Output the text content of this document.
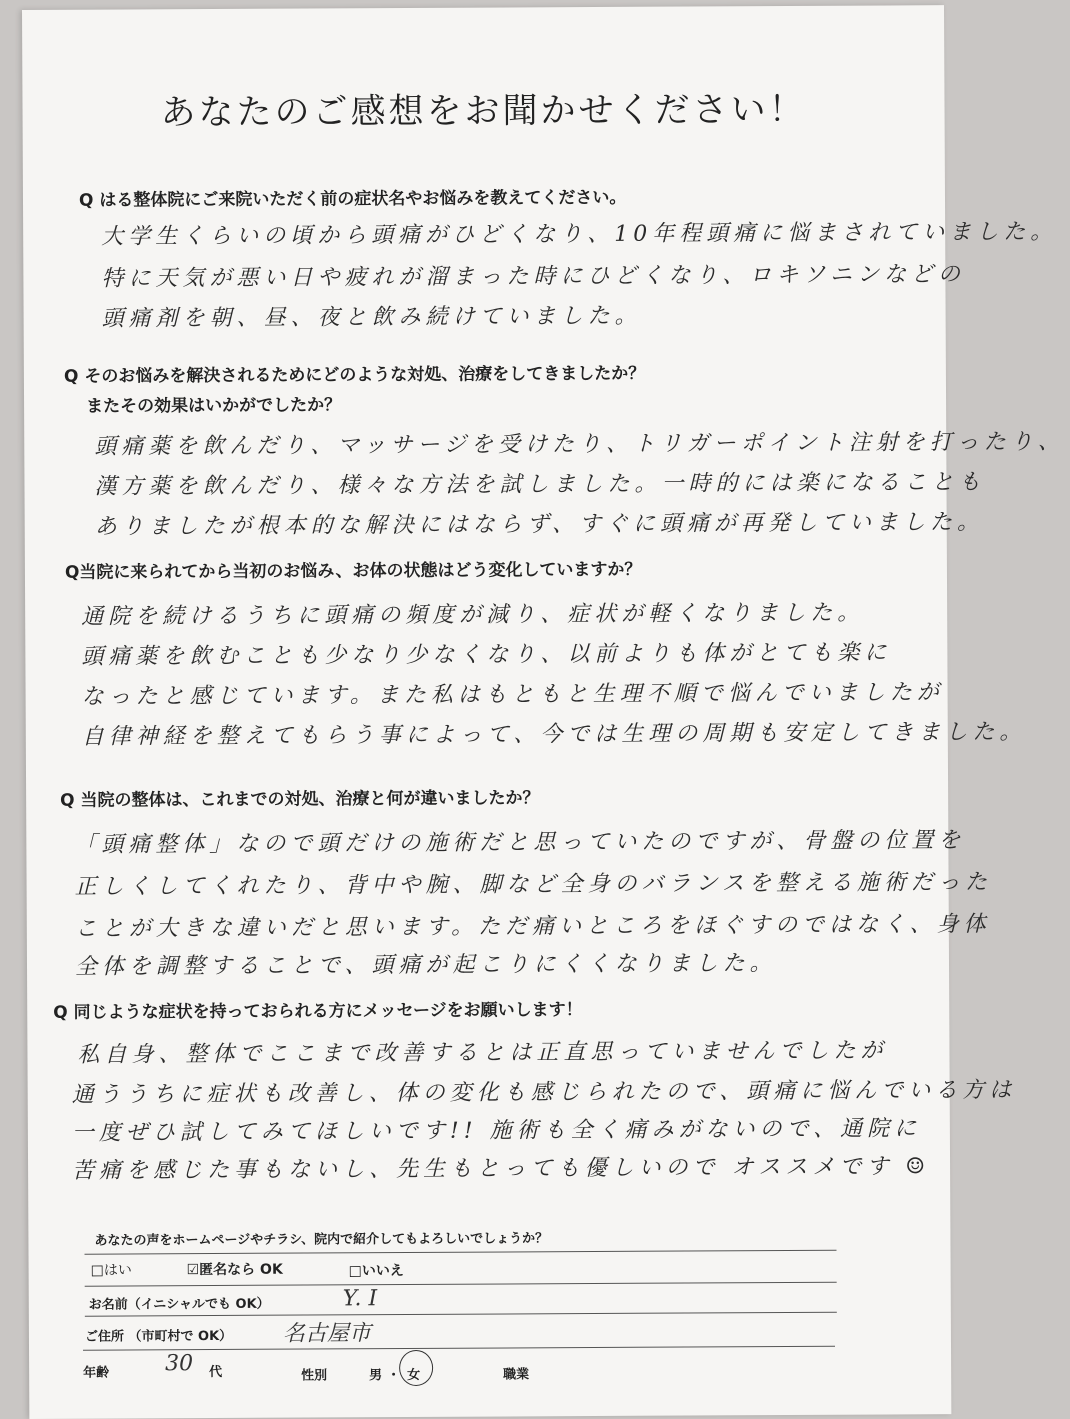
あなたのご感想をお聞かせください！
Q はる整体院にご来院いただく前の症状名やお悩みを教えてください。
大学生くらいの頃から頭痛がひどくなり、10年程頭痛に悩まされていました。
特に天気が悪い日や疲れが溜まった時にひどくなり、ロキソニンなどの
頭痛剤を朝、昼、夜と飲み続けていました。
Q そのお悩みを解決されるためにどのような対処、治療をしてきましたか？
またその効果はいかがでしたか？
頭痛薬を飲んだり、マッサージを受けたり、トリガーポイント注射を打ったり、
漢方薬を飲んだり、様々な方法を試しました。一時的には楽になることも
ありましたが根本的な解決にはならず、すぐに頭痛が再発していました。
Q当院に来られてから当初のお悩み、お体の状態はどう変化していますか？
通院を続けるうちに頭痛の頻度が減り、症状が軽くなりました。
頭痛薬を飲むことも少なり少なくなり、以前よりも体がとても楽に
なったと感じています。また私はもともと生理不順で悩んでいましたが
自律神経を整えてもらう事によって、今では生理の周期も安定してきました。
Q 当院の整体は、これまでの対処、治療と何が違いましたか？
「頭痛整体」なので頭だけの施術だと思っていたのですが、骨盤の位置を
正しくしてくれたり、背中や腕、脚など全身のバランスを整える施術だった
ことが大きな違いだと思います。ただ痛いところをほぐすのではなく、身体
全体を調整することで、頭痛が起こりにくくなりました。
Q 同じような症状を持っておられる方にメッセージをお願いします！
私自身、整体でここまで改善するとは正直思っていませんでしたが
通ううちに症状も改善し、体の変化も感じられたので、頭痛に悩んでいる方は
一度ぜひ試してみてほしいです!! 施術も全く痛みがないので、通院に
苦痛を感じた事もないし、先生もとっても優しいので オススメです ☺
あなたの声をホームページやチラシ、院内で紹介してもよろしいでしょうか？
□はい	☑匿名なら OK	□いいえ
お名前（イニシャルでも OK）	Y. I
ご住所 （市町村で OK） 名古屋市
年齢	30 代	性別	男 ・ 女	職業
